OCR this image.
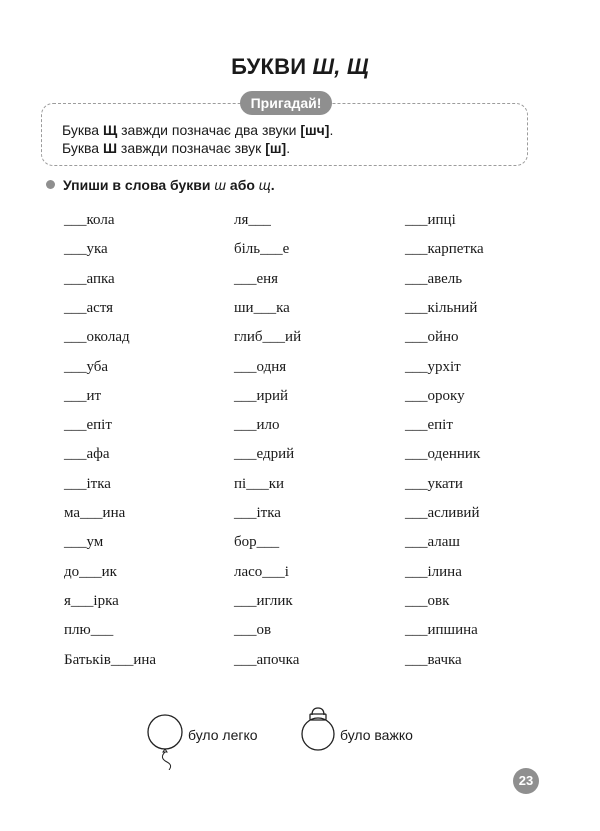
БУКВИ Ш, Щ
Пригадай!
Буква Щ завжди позначає два звуки [шч].
Буква Ш завжди позначає звук [ш].
Упиши в слова букви ш або щ.
___кола
___ука
___апка
___астя
___околад
___уба
___ит
___епіт
___афа
___ітка
ма___ина
___ум
до___ик
я___ірка
плю___
Батьків___ина
ля___
біль___е
___еня
ши___ка
глиб___ий
___одня
___ирий
___ило
___едрий
пі___ки
___ітка
бор___
ласо___і
___иглик
___ов
___апочка
___ипці
___карпетка
___авель
___кільний
___ойно
___урхіт
___ороку
___епіт
___оденник
___укати
___асливий
___алаш
___ілина
___овк
___ипшина
___вачка
було легко	було важко
23
